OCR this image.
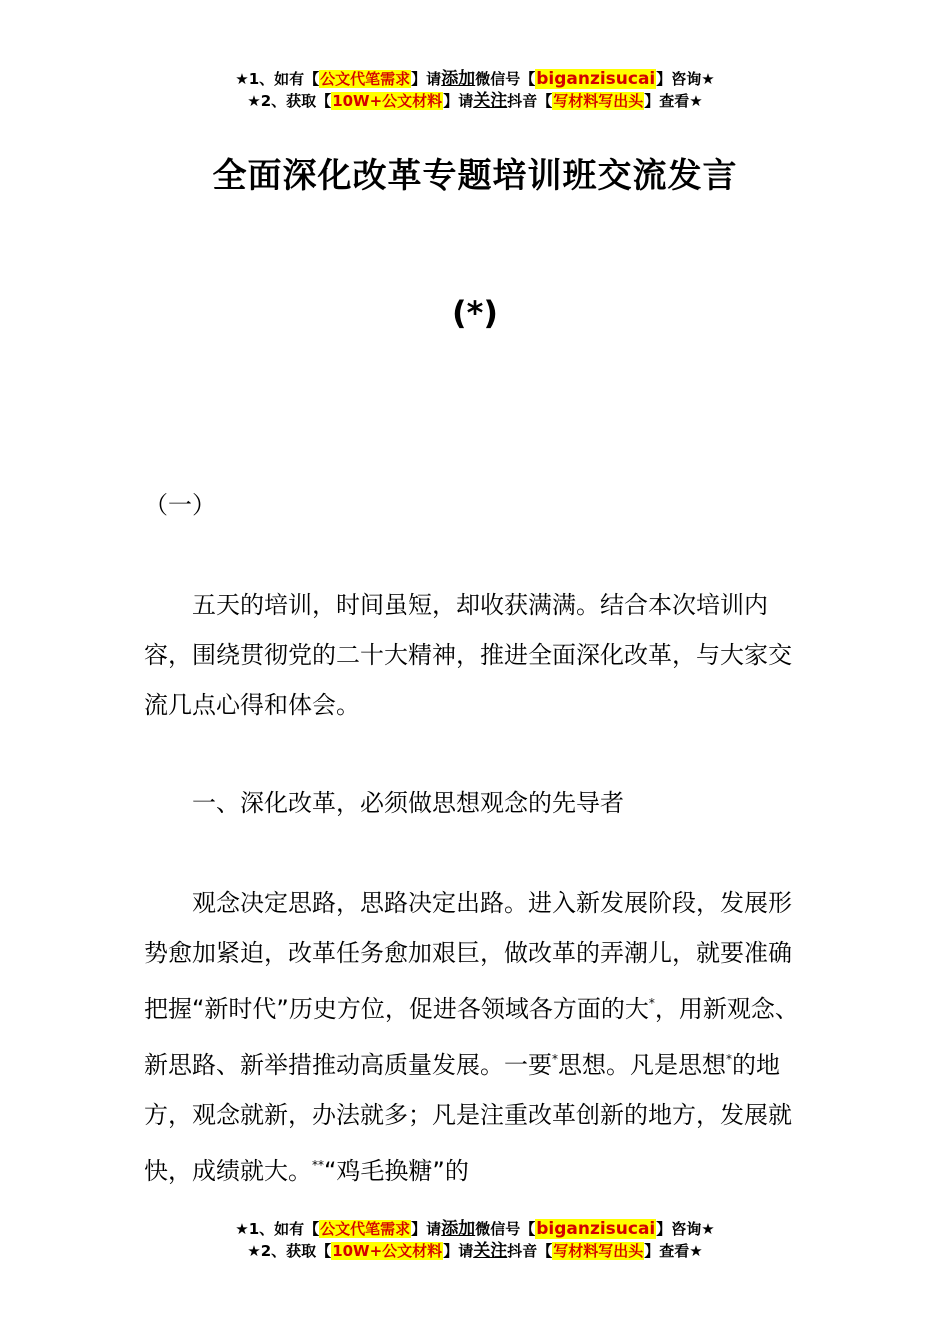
★1、如有【公文代笔需求】请添加微信号【biganzisucai】咨询★
★2、获取【10W+公文材料】请关注抖音【写材料写出头】查看★
全面深化改革专题培训班交流发言
(*)
（一）

五天的培训，时间虽短，却收获满满。结合本次培训内容，围绕贯彻党的二十大精神，推进全面深化改革，与大家交流几点心得和体会。

一、深化改革，必须做思想观念的先导者

观念决定思路，思路决定出路。进入新发展阶段，发展形势愈加紧迫，改革任务愈加艰巨，做改革的弄潮儿，就要准确把握“新时代”历史方位，促进各领域各方面的大*，用新观念、新思路、新举措推动高质量发展。一要*思想。凡是思想*的地方，观念就新，办法就多；凡是注重改革创新的地方，发展就快，成绩就大。**“鸡毛换糖”的

★1、如有【公文代笔需求】请添加微信号【biganzisucai】咨询★
★2、获取【10W+公文材料】请关注抖音【写材料写出头】查看★
